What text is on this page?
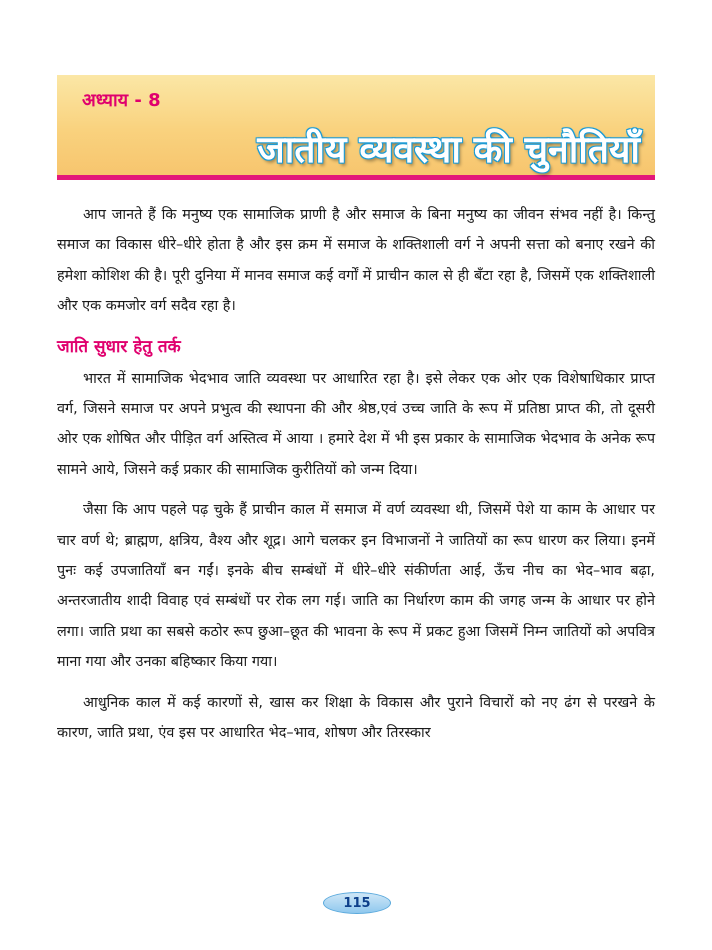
अध्याय - 8
जातीय व्यवस्था की चुनौतियाँ

आप जानते हैं कि मनुष्य एक सामाजिक प्राणी है और समाज के बिना मनुष्य का जीवन संभव नहीं है। किन्तु समाज का विकास धीरे–धीरे होता है और इस क्रम में समाज के शक्तिशाली वर्ग ने अपनी सत्ता को बनाए रखने की हमेशा कोशिश की है। पूरी दुनिया में मानव समाज कई वर्गों में प्राचीन काल से ही बँटा रहा है, जिसमें एक शक्तिशाली और एक कमजोर वर्ग सदैव रहा है।

जाति सुधार हेतु तर्क

भारत में सामाजिक भेदभाव जाति व्यवस्था पर आधारित रहा है। इसे लेकर एक ओर एक विशेषाधिकार प्राप्त वर्ग, जिसने समाज पर अपने प्रभुत्व की स्थापना की और श्रेष्ठ,एवं उच्च जाति के रूप में प्रतिष्ठा प्राप्त की, तो दूसरी ओर एक शोषित और पीड़ित वर्ग अस्तित्व में आया । हमारे देश में भी इस प्रकार के सामाजिक भेदभाव के अनेक रूप सामने आये, जिसने कई प्रकार की सामाजिक कुरीतियों को जन्म दिया।

जैसा कि आप पहले पढ़ चुके हैं प्राचीन काल में समाज में वर्ण व्यवस्था थी, जिसमें पेशे या काम के आधार पर चार वर्ण थे; ब्राह्मण, क्षत्रिय, वैश्य और शूद्र। आगे चलकर इन विभाजनों ने जातियों का रूप धारण कर लिया। इनमें पुनः कई उपजातियाँ बन गईं। इनके बीच सम्बंधों में धीरे–धीरे संकीर्णता आई, ऊँच नीच का भेद–भाव बढ़ा, अन्तरजातीय शादी विवाह एवं सम्बंधों पर रोक लग गई। जाति का निर्धारण काम की जगह जन्म के आधार पर होने लगा। जाति प्रथा का सबसे कठोर रूप छुआ–छूत की भावना के रूप में प्रकट हुआ जिसमें निम्न जातियों को अपवित्र माना गया और उनका बहिष्कार किया गया।

आधुनिक काल में कई कारणों से, खास कर शिक्षा के विकास और पुराने विचारों को नए ढंग से परखने के कारण, जाति प्रथा, एंव इस पर आधारित भेद–भाव, शोषण और तिरस्कार

115
